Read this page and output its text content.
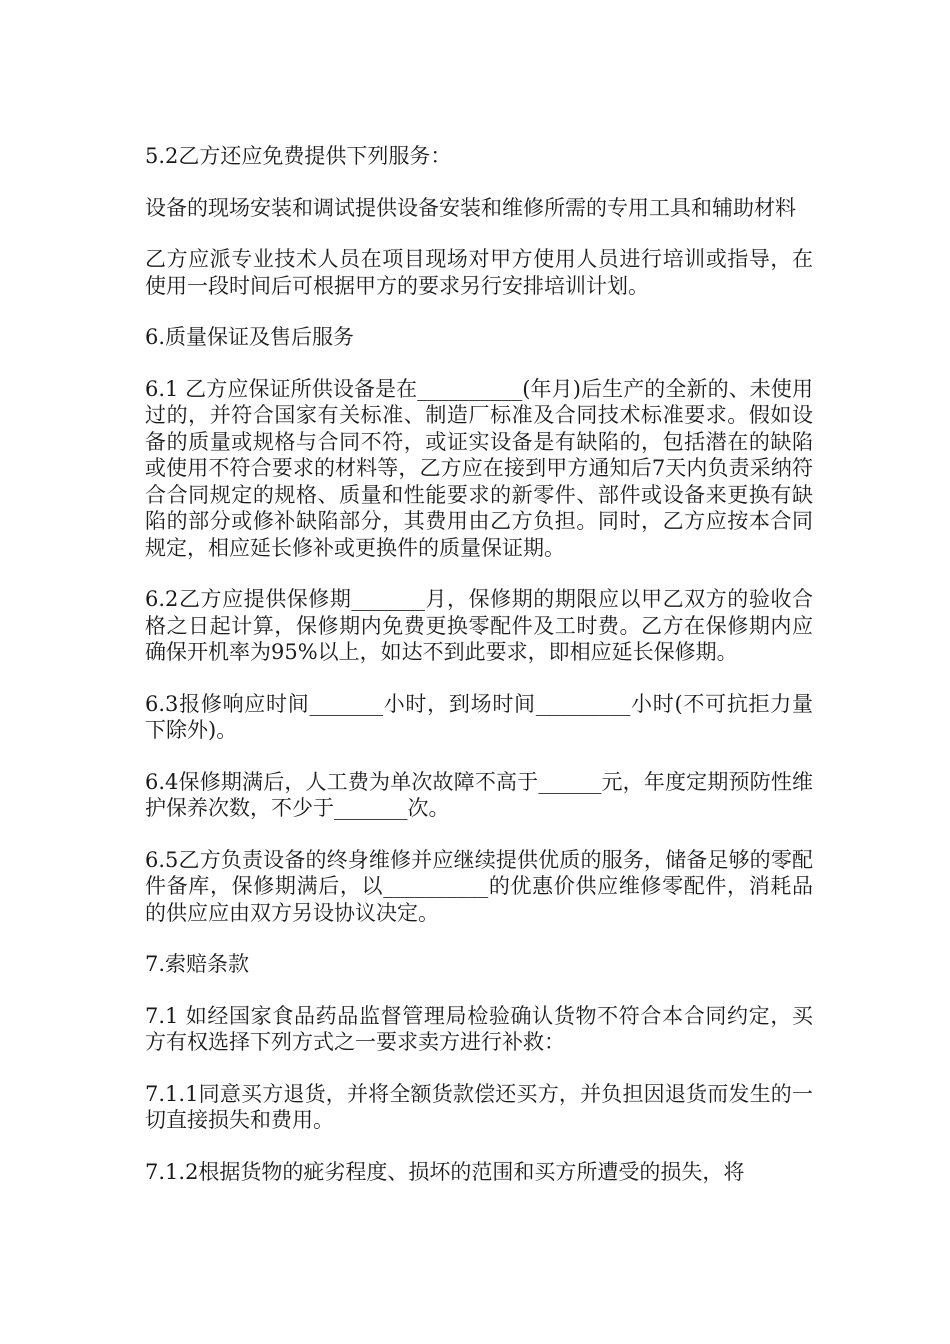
5.2乙方还应免费提供下列服务：

设备的现场安装和调试提供设备安装和维修所需的专用工具和辅助材料

乙方应派专业技术人员在项目现场对甲方使用人员进行培训或指导，在使用一段时间后可根据甲方的要求另行安排培训计划。

6.质量保证及售后服务

6.1 乙方应保证所供设备是在__________(年月)后生产的全新的、未使用过的，并符合国家有关标准、制造厂标准及合同技术标准要求。假如设备的质量或规格与合同不符，或证实设备是有缺陷的，包括潜在的缺陷或使用不符合要求的材料等，乙方应在接到甲方通知后7天内负责采纳符合合同规定的规格、质量和性能要求的新零件、部件或设备来更换有缺陷的部分或修补缺陷部分，其费用由乙方负担。同时，乙方应按本合同规定，相应延长修补或更换件的质量保证期。

6.2乙方应提供保修期_______月，保修期的期限应以甲乙双方的验收合格之日起计算，保修期内免费更换零配件及工时费。乙方在保修期内应确保开机率为95%以上，如达不到此要求，即相应延长保修期。

6.3报修响应时间_______小时，到场时间_________小时(不可抗拒力量下除外)。

6.4保修期满后，人工费为单次故障不高于______元，年度定期预防性维护保养次数，不少于_______次。

6.5乙方负责设备的终身维修并应继续提供优质的服务，储备足够的零配件备库，保修期满后，以__________的优惠价供应维修零配件，消耗品的供应应由双方另设协议决定。

7.索赔条款

7.1 如经国家食品药品监督管理局检验确认货物不符合本合同约定，买方有权选择下列方式之一要求卖方进行补救：

7.1.1同意买方退货，并将全额货款偿还买方，并负担因退货而发生的一切直接损失和费用。

7.1.2根据货物的疵劣程度、损坏的范围和买方所遭受的损失，将
